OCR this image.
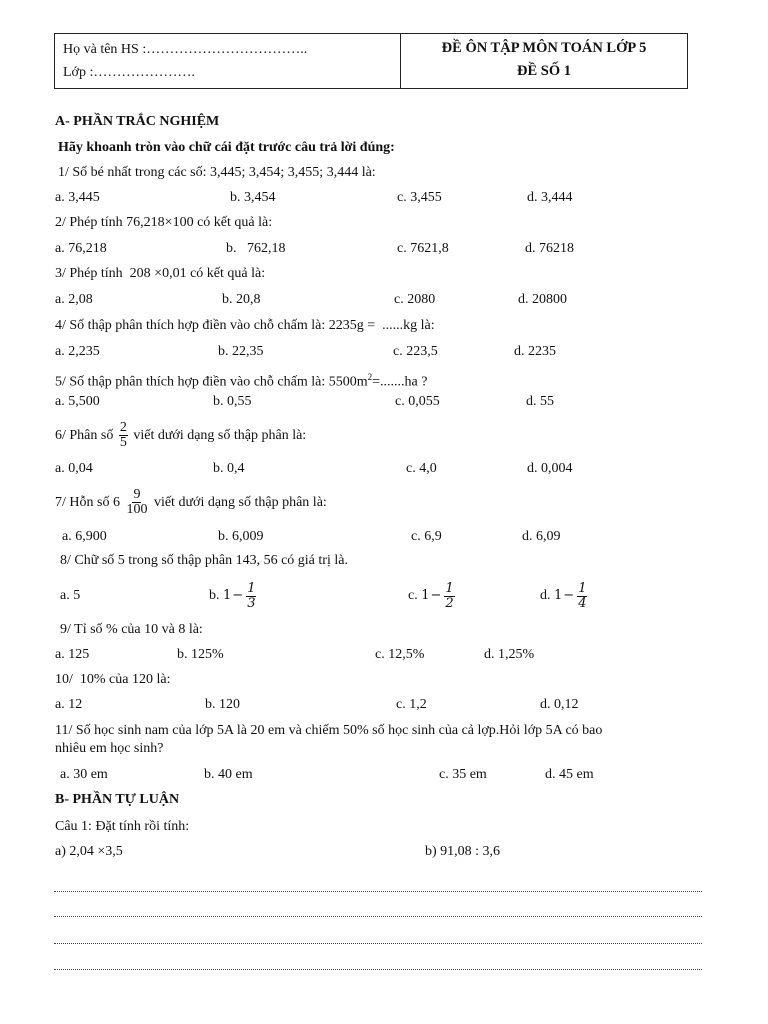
Họ và tên HS :……………………………..
Lớp :………………….
ĐỀ ÔN TẬP MÔN TOÁN LỚP 5
ĐỀ SỐ 1
A- PHẦN TRẮC NGHIỆM
Hãy khoanh tròn vào chữ cái đặt trước câu trả lời đúng:
1/ Số bé nhất trong các số: 3,445; 3,454; 3,455; 3,444 là:
a. 3,445	b. 3,454	c. 3,455	d. 3,444
2/ Phép tính 76,218×100 có kết quả là:
a. 76,218	b.   762,18	c. 7621,8	d. 76218
3/ Phép tính  208 ×0,01 có kết quả là:
a. 2,08	b. 20,8	c. 2080	d. 20800
4/ Số thập phân thích hợp điền vào chỗ chấm là: 2235g =  ......kg là:
a. 2,235	b. 22,35	c. 223,5	d. 2235
5/ Số thập phân thích hợp điền vào chỗ chấm là: $5500m^2=.......ha$ ?
a. 5,500	b. 0,55	c. 0,055	d. 55
6/ Phân số $\frac{2}{5}$ viết dưới dạng số thập phân là:
a. 0,04	b. 0,4	c. 4,0	d. 0,004
7/ Hỗn số $6 \frac{9}{100}$ viết dưới dạng số thập phân là:
a. 6,900	b. 6,009	c. 6,9	d. 6,09
8/ Chữ số 5 trong số thập phân 143, 56 có giá trị là.
a. 5	b. $1 - \frac{1}{3}$	c. $1 - \frac{1}{2}$	d. $1 - \frac{1}{4}$
9/ Tỉ số % của 10 và 8 là:
a. 125	b. 125%	c. 12,5%	d. 1,25%
10/  10% của 120 là:
a. 12	b. 120	c. 1,2	d. 0,12
11/ Số học sinh nam của lớp 5A là 20 em và chiếm 50% số học sinh của cả lợp.Hỏi lớp 5A có bao
nhiêu em học sinh?
a. 30 em	b. 40 em	c. 35 em	d. 45 em
B- PHẦN TỰ LUẬN
Câu 1: Đặt tính rồi tính:
a) 2,04 ×3,5	b) 91,08 : 3,6
